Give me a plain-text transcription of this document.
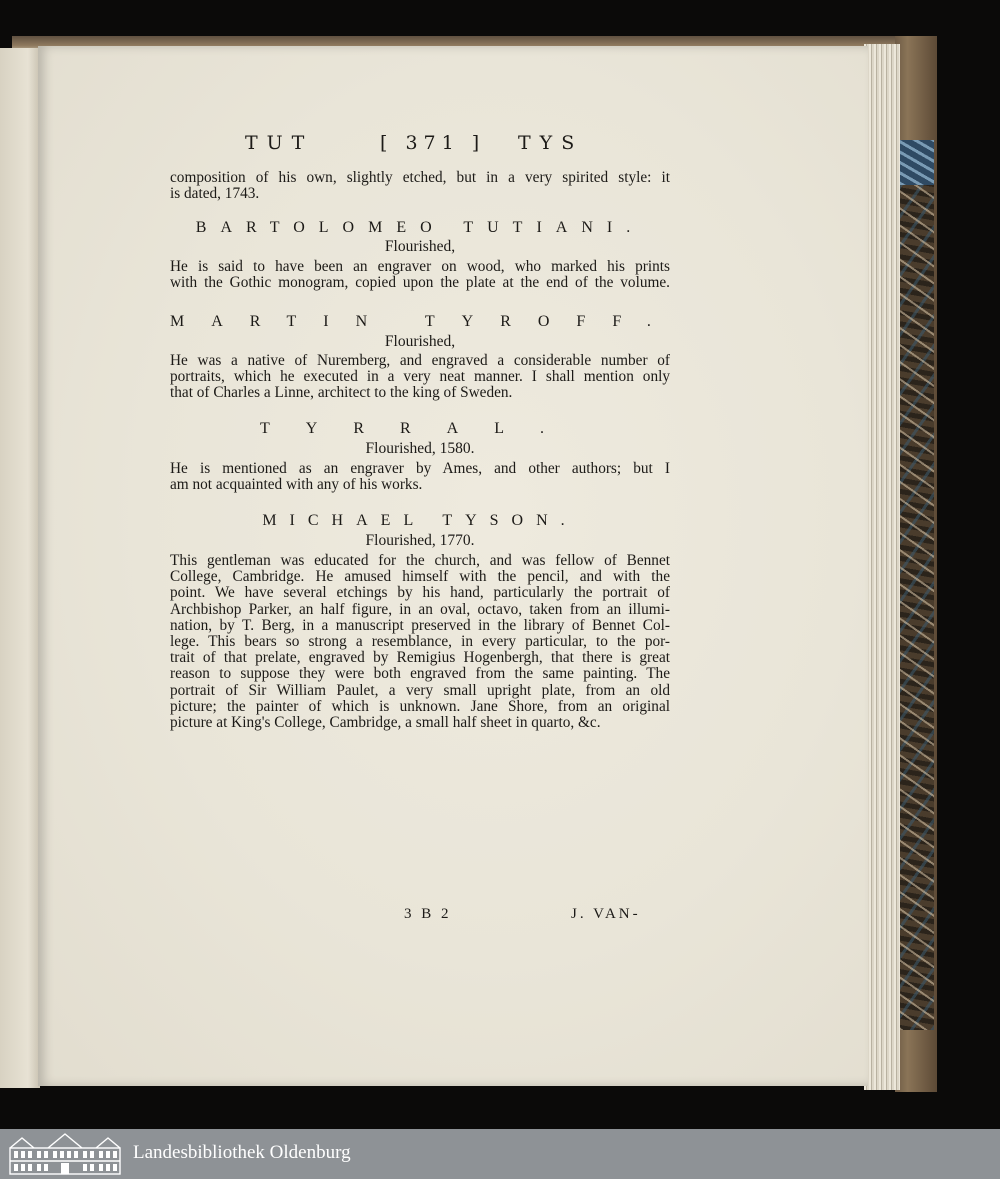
TUT	[ 371 ] TYS
composition of his own, slightly etched, but in a very spirited style: it
is dated, 1743.
BARTOLOMEO TUTIANI.
Flourished,
He is said to have been an engraver on wood, who marked his prints
with the Gothic monogram, copied upon the plate at the end of the volume.
MARTIN TYROFF.
Flourished,
He was a native of Nuremberg, and engraved a considerable number of
portraits, which he executed in a very neat manner. I shall mention only
that of Charles a Linne, architect to the king of Sweden.
TYRRAL.
Flourished, 1580.
He is mentioned as an engraver by Ames, and other authors; but I
am not acquainted with any of his works.
MICHAEL TYSON.
Flourished, 1770.
This gentleman was educated for the church, and was fellow of Bennet
College, Cambridge. He amused himself with the pencil, and with the
point. We have several etchings by his hand, particularly the portrait of
Archbishop Parker, an half figure, in an oval, octavo, taken from an illumi-
nation, by T. Berg, in a manuscript preserved in the library of Bennet Col-
lege. This bears so strong a resemblance, in every particular, to the por-
trait of that prelate, engraved by Remigius Hogenbergh, that there is great
reason to suppose they were both engraved from the same painting. The
portrait of Sir William Paulet, a very small upright plate, from an old
picture; the painter of which is unknown. Jane Shore, from an original
picture at King's College, Cambridge, a small half sheet in quarto, &c.
3 B 2	J. VAN-
Landesbibliothek Oldenburg
